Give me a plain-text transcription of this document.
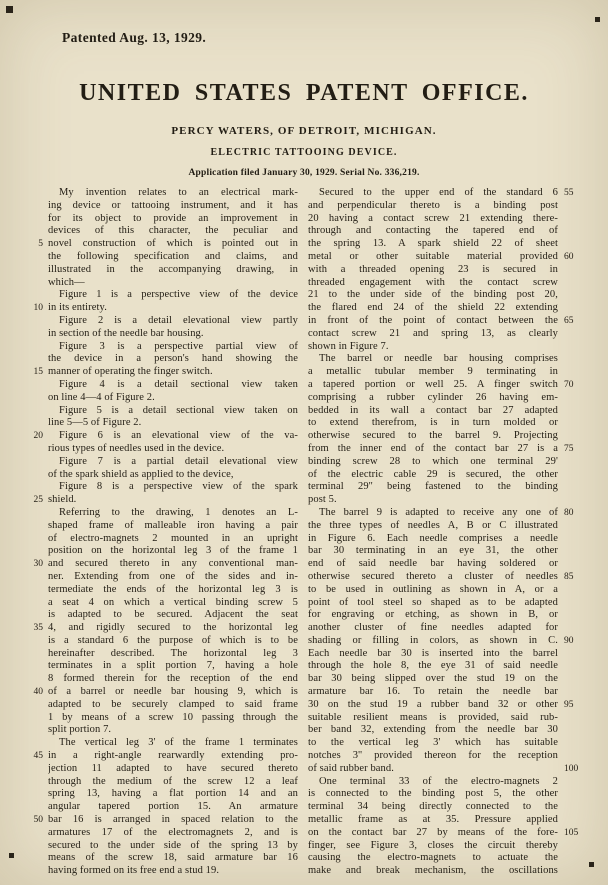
Patented Aug. 13, 1929.
UNITED STATES PATENT OFFICE.
PERCY WATERS, OF DETROIT, MICHIGAN.
ELECTRIC TATTOOING DEVICE.
Application filed January 30, 1929. Serial No. 336,219.
5
10
15
20
25
30
35
40
45
50
My invention relates to an electrical mark-
ing device or tattooing instrument, and it has
for its object to provide an improvement in
devices of this character, the peculiar and
novel construction of which is pointed out in
the following specification and claims, and
illustrated in the accompanying drawing, in
which—
Figure 1 is a perspective view of the device
in its entirety.
Figure 2 is a detail elevational view partly
in section of the needle bar housing.
Figure 3 is a perspective partial view of
the device in a person's hand showing the
manner of operating the finger switch.
Figure 4 is a detail sectional view taken
on line 4—4 of Figure 2.
Figure 5 is a detail sectional view taken on
line 5—5 of Figure 2.
Figure 6 is an elevational view of the va-
rious types of needles used in the device.
Figure 7 is a partial detail elevational view
of the spark shield as applied to the device,
Figure 8 is a perspective view of the spark
shield.
Referring to the drawing, 1 denotes an L-
shaped frame of malleable iron having a pair
of electro-magnets 2 mounted in an upright
position on the horizontal leg 3 of the frame 1
and secured thereto in any conventional man-
ner. Extending from one of the sides and in-
termediate the ends of the horizontal leg 3 is
a seat 4 on which a vertical binding screw 5
is adapted to be secured. Adjacent the seat
4, and rigidly secured to the horizontal leg
is a standard 6 the purpose of which is to be
hereinafter described. The horizontal leg 3
terminates in a split portion 7, having a hole
8 formed therein for the reception of the end
of a barrel or needle bar housing 9, which is
adapted to be securely clamped to said frame
1 by means of a screw 10 passing through the
split portion 7.
The vertical leg 3' of the frame 1 terminates
in a right-angle rearwardly extending pro-
jection 11 adapted to have secured thereto
through the medium of the screw 12 a leaf
spring 13, having a flat portion 14 and an
angular tapered portion 15. An armature
bar 16 is arranged in spaced relation to the
armatures 17 of the electromagnets 2, and is
secured to the under side of the spring 13 by
means of the screw 18, said armature bar 16
having formed on its free end a stud 19.
Secured to the upper end of the standard 6
and perpendicular thereto is a binding post
20 having a contact screw 21 extending there-
through and contacting the tapered end of
the spring 13. A spark shield 22 of sheet
metal or other suitable material provided
with a threaded opening 23 is secured in
threaded engagement with the contact screw
21 to the under side of the binding post 20,
the flared end 24 of the shield 22 extending
in front of the point of contact between the
contact screw 21 and spring 13, as clearly
shown in Figure 7.
The barrel or needle bar housing comprises
a metallic tubular member 9 terminating in
a tapered portion or well 25. A finger switch
comprising a rubber cylinder 26 having em-
bedded in its wall a contact bar 27 adapted
to extend therefrom, is in turn molded or
otherwise secured to the barrel 9. Projecting
from the inner end of the contact bar 27 is a
binding screw 28 to which one terminal 29'
of the electric cable 29 is secured, the other
terminal 29'' being fastened to the binding
post 5.
The barrel 9 is adapted to receive any one of
the three types of needles A, B or C illustrated
in Figure 6. Each needle comprises a needle
bar 30 terminating in an eye 31, the other
end of said needle bar having soldered or
otherwise secured thereto a cluster of needles
to be used in outlining as shown in A, or a
point of tool steel so shaped as to be adapted
for engraving or etching, as shown in B, or
another cluster of fine needles adapted for
shading or filling in colors, as shown in C.
Each needle bar 30 is inserted into the barrel
through the hole 8, the eye 31 of said needle
bar 30 being slipped over the stud 19 on the
armature bar 16. To retain the needle bar
30 on the stud 19 a rubber band 32 or other
suitable resilient means is provided, said rub-
ber band 32, extending from the needle bar 30
to the vertical leg 3' which has suitable
notches 3'' provided thereon for the reception
of said rubber band.
One terminal 33 of the electro-magnets 2
is connected to the binding post 5, the other
terminal 34 being directly connected to the
metallic frame as at 35. Pressure applied
on the contact bar 27 by means of the fore-
finger, see Figure 3, closes the circuit thereby
causing the electro-magnets to actuate the
make and break mechanism, the oscillations
55
60
65
70
75
80
85
90
95
100
105
